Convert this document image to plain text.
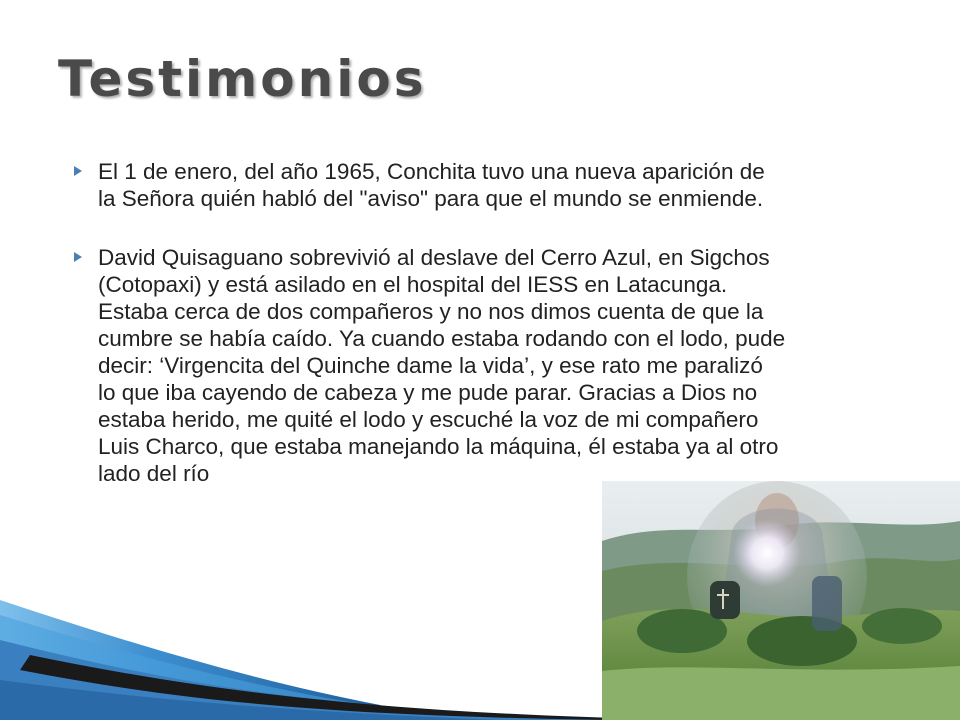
Testimonios
El 1 de enero, del año 1965, Conchita tuvo una nueva aparición de
la Señora quién habló del "aviso" para que el mundo se enmiende.
David Quisaguano sobrevivió al deslave del Cerro Azul, en Sigchos
(Cotopaxi) y está asilado en el hospital del IESS en Latacunga.
Estaba cerca de dos compañeros y no nos dimos cuenta de que la
cumbre se había caído. Ya cuando estaba rodando con el lodo, pude
decir: ‘Virgencita del Quinche dame la vida’, y ese rato me paralizó
lo que iba cayendo de cabeza y me pude parar. Gracias a Dios no
estaba herido, me quité el lodo y escuché la voz de mi compañero
Luis Charco, que estaba manejando la máquina, él estaba ya al otro
lado del río
